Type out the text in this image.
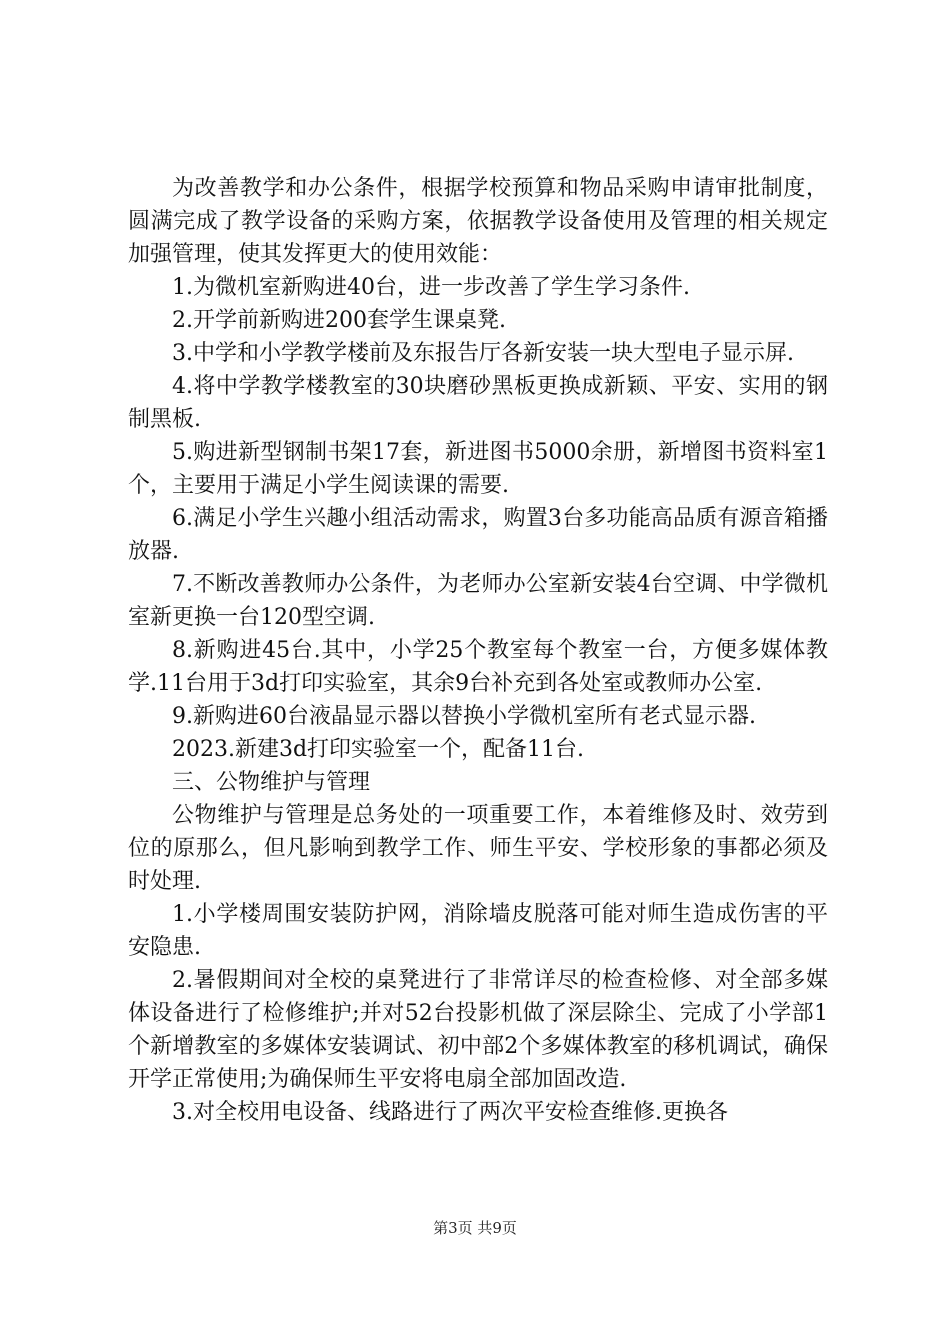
为改善教学和办公条件，根据学校预算和物品采购申请审批制度，圆满完成了教学设备的采购方案，依据教学设备使用及管理的相关规定加强管理，使其发挥更大的使用效能：

1.为微机室新购进40台，进一步改善了学生学习条件.

2.开学前新购进200套学生课桌凳.

3.中学和小学教学楼前及东报告厅各新安装一块大型电子显示屏.

4.将中学教学楼教室的30块磨砂黑板更换成新颖、平安、实用的钢制黑板.

5.购进新型钢制书架17套，新进图书5000余册，新增图书资料室1个，主要用于满足小学生阅读课的需要.

6.满足小学生兴趣小组活动需求，购置3台多功能高品质有源音箱播放器.

7.不断改善教师办公条件，为老师办公室新安装4台空调、中学微机室新更换一台120型空调.

8.新购进45台.其中，小学25个教室每个教室一台，方便多媒体教学.11台用于3d打印实验室，其余9台补充到各处室或教师办公室.

9.新购进60台液晶显示器以替换小学微机室所有老式显示器.

2023.新建3d打印实验室一个，配备11台.

三、公物维护与管理

公物维护与管理是总务处的一项重要工作，本着维修及时、效劳到位的原那么，但凡影响到教学工作、师生平安、学校形象的事都必须及时处理.

1.小学楼周围安装防护网，消除墙皮脱落可能对师生造成伤害的平安隐患.

2.暑假期间对全校的桌凳进行了非常详尽的检查检修、对全部多媒体设备进行了检修维护;并对52台投影机做了深层除尘、完成了小学部1个新增教室的多媒体安装调试、初中部2个多媒体教室的移机调试，确保开学正常使用;为确保师生平安将电扇全部加固改造.

3.对全校用电设备、线路进行了两次平安检查维修.更换各

第3页 共9页
